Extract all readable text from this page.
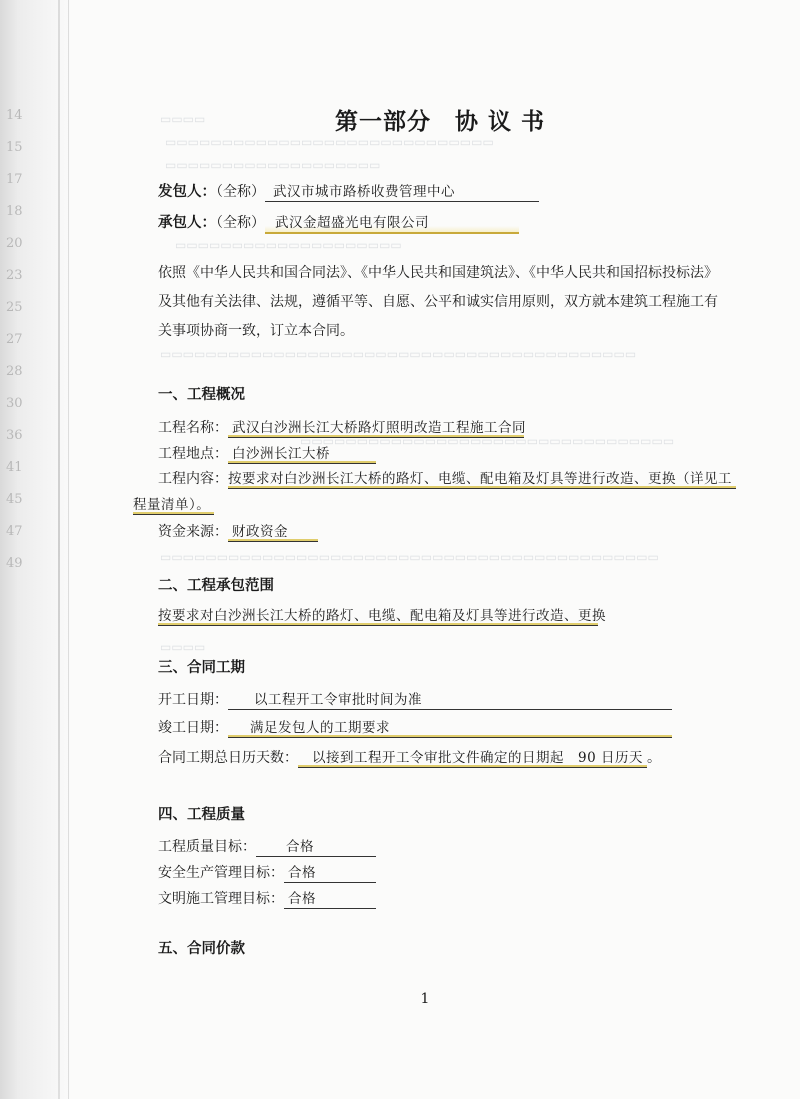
14
15
17
18
20
23
25
27
28
30
36
41
45
47
49
▭▭▭▭
▭▭▭▭▭▭▭▭▭▭▭▭▭▭▭▭▭▭▭▭▭▭▭▭▭▭▭▭▭
▭▭▭▭▭▭▭▭▭▭▭▭▭▭▭▭▭▭▭
▭▭▭▭▭▭▭▭▭▭▭▭▭▭▭▭▭▭▭▭
▭▭▭▭▭▭▭▭▭▭▭▭▭▭▭▭▭▭▭▭▭▭▭▭▭▭▭▭▭▭▭▭▭▭▭▭▭▭▭▭▭▭
▭▭▭▭▭▭▭▭▭▭▭▭▭▭▭▭▭▭▭▭▭▭▭▭▭▭▭▭▭▭▭▭▭
▭▭▭▭▭▭▭▭▭▭▭▭▭▭▭▭▭▭▭▭▭▭▭▭▭▭▭▭▭▭▭▭▭▭▭▭▭▭▭▭▭▭▭▭
▭▭▭▭
第一部分　协 议 书
发包人：（全称） 武汉市城市路桥收费管理中心
承包人：（全称） 武汉金超盛光电有限公司
依照《中华人民共和国合同法》、《中华人民共和国建筑法》、《中华人民共和国招标投标法》及其他有关法律、法规，遵循平等、自愿、公平和诚实信用原则，双方就本建筑工程施工有关事项协商一致，订立本合同。
一、工程概况
工程名称： 武汉白沙洲长江大桥路灯照明改造工程施工合同
工程地点： 白沙洲长江大桥
工程内容：按要求对白沙洲长江大桥的路灯、电缆、配电箱及灯具等进行改造、更换（详见工
程量清单）。
资金来源： 财政资金
二、工程承包范围
按要求对白沙洲长江大桥的路灯、电缆、配电箱及灯具等进行改造、更换
三、合同工期
开工日期： 以工程开工令审批时间为准
竣工日期： 满足发包人的工期要求
合同工期总日历天数： 以接到工程开工令审批文件确定的日期起　90 日历天 。
四、工程质量
工程质量目标： 合格
安全生产管理目标： 合格
文明施工管理目标： 合格
五、合同价款
1
